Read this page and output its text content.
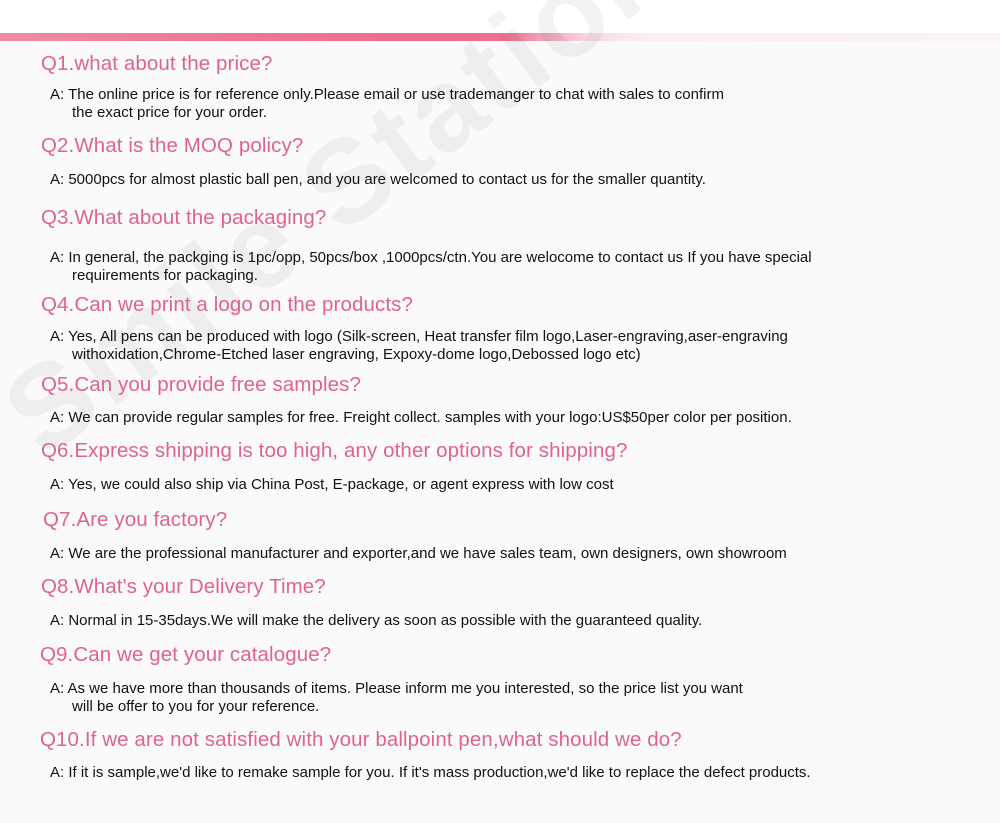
Q1.what about the price?
A: The online price is for reference only.Please email or use trademanger to chat with sales to confirm
the exact price for your order.
Q2.What is the MOQ policy?
A: 5000pcs for almost plastic ball pen, and you are welcomed to contact us for the smaller quantity.
Q3.What about the packaging?
A: In general, the packging is 1pc/opp, 50pcs/box ,1000pcs/ctn.You are welocome to contact us If you have special
requirements for packaging.
Q4.Can we print a logo on the products?
A: Yes, All pens can be produced with logo (Silk-screen, Heat transfer film logo,Laser-engraving,aser-engraving
withoxidation,Chrome-Etched laser engraving, Expoxy-dome logo,Debossed logo etc)
Q5.Can you provide free samples?
A: We can provide regular samples for free. Freight collect. samples with your logo:US$50per color per position.
Q6.Express shipping is too high, any other options for shipping?
A: Yes, we could also ship via China Post, E-package, or agent express with low cost
Q7.Are you factory?
A: We are the professional manufacturer and exporter,and we have sales team, own designers, own showroom
Q8.What's your Delivery Time?
A: Normal in 15-35days.We will make the delivery as soon as possible with the guaranteed quality.
Q9.Can we get your catalogue?
A: As we have more than thousands of items. Please inform me you interested, so the price list you want
will be offer to you for your reference.
Q10.If we are not satisfied with your ballpoint pen,what should we do?
A: If it is sample,we'd like to remake sample for you. If it's mass production,we'd like to replace the defect products.
